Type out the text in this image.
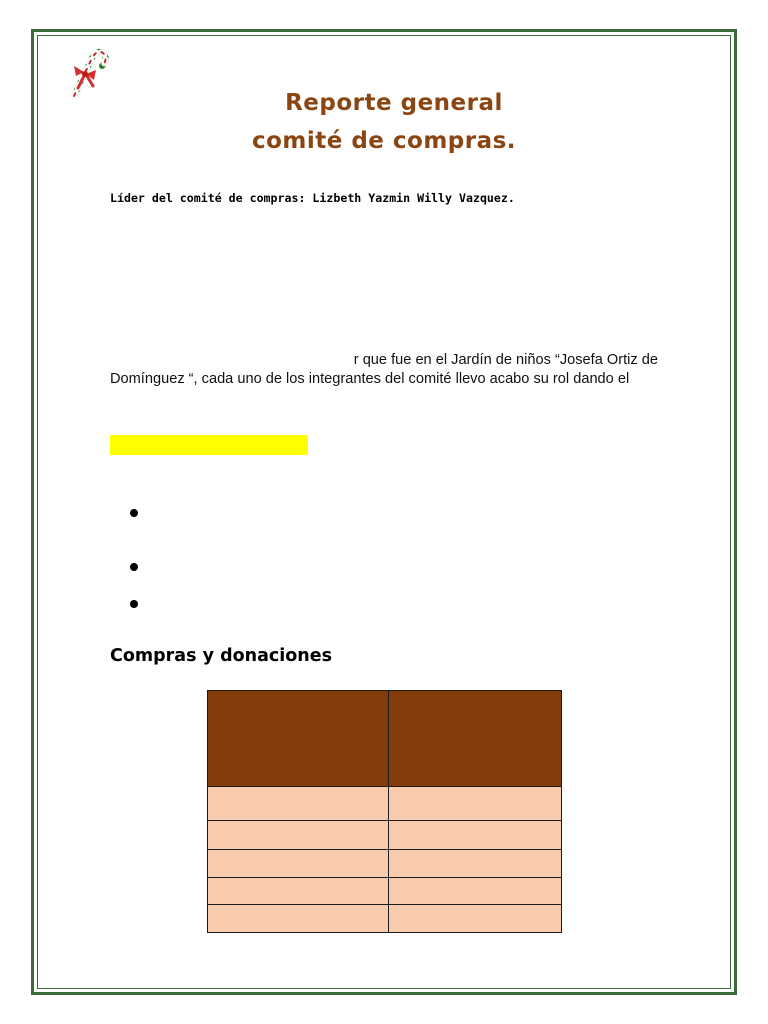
Reporte general
comité de compras.
Líder del comité de compras: Lizbeth Yazmin Willy Vazquez.
r que fue en el Jardín de niños “Josefa Ortiz de
Domínguez “, cada uno de los integrantes del comité llevo acabo su rol dando el
Compras y donaciones
